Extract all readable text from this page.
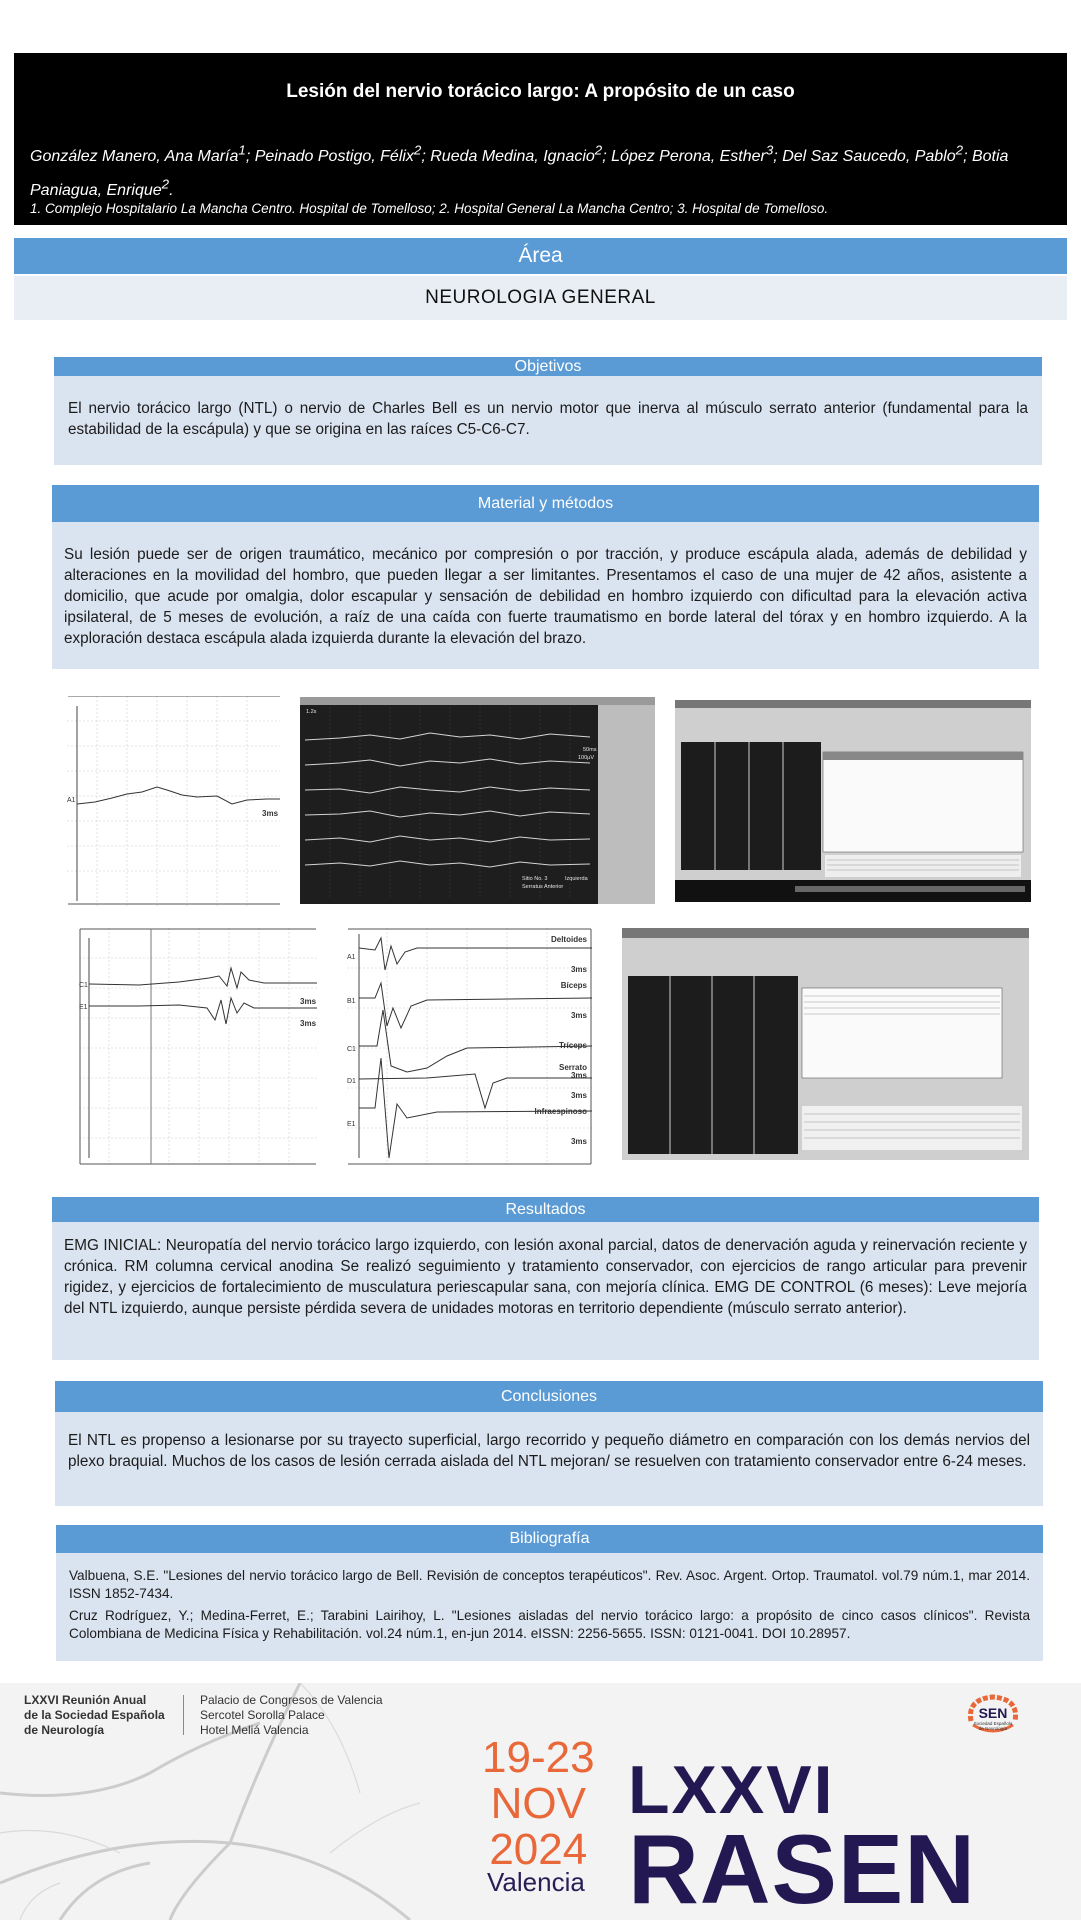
Lesión del nervio torácico largo: A propósito de un caso
González Manero, Ana María$^1$; Peinado Postigo, Félix$^2$; Rueda Medina, Ignacio$^2$; López Perona, Esther$^3$; Del Saz Saucedo, Pablo$^2$; Botia Paniagua, Enrique$^2$.
1. Complejo Hospitalario La Mancha Centro. Hospital de Tomelloso; 2. Hospital General La Mancha Centro; 3. Hospital de Tomelloso.
Área
NEUROLOGIA GENERAL
Objetivos
El nervio torácico largo (NTL) o nervio de Charles Bell es un nervio motor que inerva al músculo serrato anterior (fundamental para la estabilidad de la escápula) y que se origina en las raíces C5-C6-C7.
Material y métodos
Su lesión puede ser de origen traumático, mecánico por compresión o por tracción, y produce escápula alada, además de debilidad y alteraciones en la movilidad del hombro, que pueden llegar a ser limitantes. Presentamos el caso de una mujer de 42 años, asistente a domicilio, que acude por omalgia, dolor escapular y sensación de debilidad en hombro izquierdo con dificultad para la elevación activa ipsilateral, de 5 meses de evolución, a raíz de una caída con fuerte traumatismo en borde lateral del tórax y en hombro izquierdo. A la exploración destaca escápula alada izquierda durante la elevación del brazo.
A1
3ms
1.2s
50ms
100µV
Sitio No. 3	Izquierda
Serratus Anterior
C1
E1
3ms
3ms
A1
B1
C1
D1
E1
Deltoides
Bíceps
Tríceps
Serrato
Infraespinoso
3ms
3ms
3ms
3ms
3ms
Resultados
EMG INICIAL: Neuropatía del nervio torácico largo izquierdo, con lesión axonal parcial, datos de denervación aguda y reinervación reciente y crónica. RM columna cervical anodina Se realizó seguimiento y tratamiento conservador, con ejercicios de rango articular para prevenir rigidez, y ejercicios de fortalecimiento de musculatura periescapular sana, con mejoría clínica. EMG DE CONTROL (6 meses): Leve mejoría del NTL izquierdo, aunque persiste pérdida severa de unidades motoras en territorio dependiente (músculo serrato anterior).
Conclusiones
El NTL es propenso a lesionarse por su trayecto superficial, largo recorrido y pequeño diámetro en comparación con los demás nervios del plexo braquial. Muchos de los casos de lesión cerrada aislada del NTL mejoran/ se resuelven con tratamiento conservador entre 6-24 meses.
Bibliografía

Valbuena, S.E. "Lesiones del nervio torácico largo de Bell. Revisión de conceptos terapéuticos". Rev. Asoc. Argent. Ortop. Traumatol. vol.79 núm.1, mar 2014. ISSN 1852-7434.

Cruz Rodríguez, Y.; Medina-Ferret, E.; Tarabini Lairihoy, L. "Lesiones aisladas del nervio torácico largo: a propósito de cinco casos clínicos". Revista Colombiana de Medicina Física y Rehabilitación. vol.24 núm.1, en-jun 2014. eISSN: 2256-5655. ISSN: 0121-0041. DOI 10.28957.

LXXVI Reunión Anual
de la Sociedad Española
de Neurología
Palacio de Congresos de Valencia
Sercotel Sorolla Palace
Hotel Meliá Valencia
19-23
NOV
2024
Valencia
LXXVI
RASEN
SEN
Sociedad Española
de Neurología
